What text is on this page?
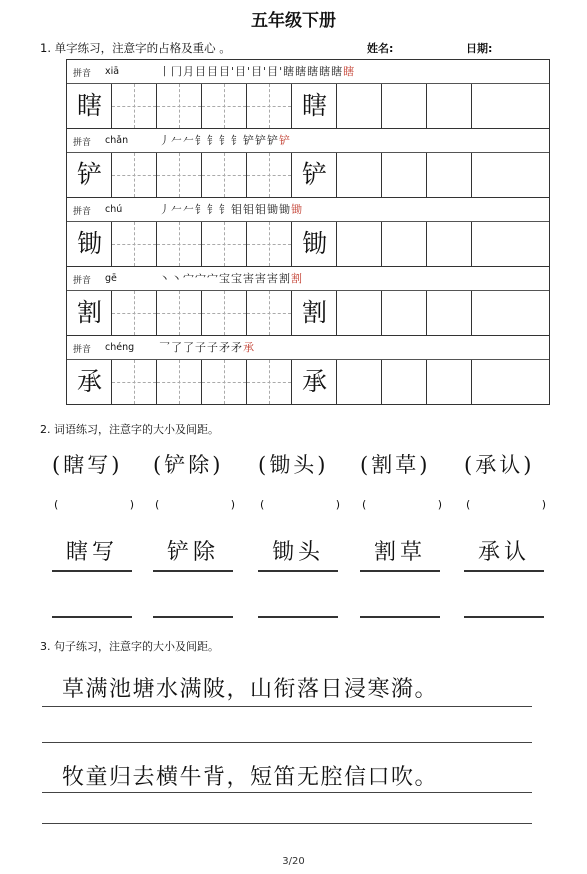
五年级下册
1. 单字练习，注意字的占格及重心 。	姓名:	日期:
拼音 xiā	丨冂月目目目'目'目'目'瞎瞎瞎瞎瞎瞎
瞎	瞎
拼音 chǎn	丿𠂉𠂉钅钅钅钅铲铲铲铲
铲	铲
拼音 chú	丿𠂉𠂉钅钅钅钼钼钼锄锄锄
锄	锄
拼音 gē	丶丶宀宀宀宝宝害害害割割
割	割
拼音 chéng 乛了了子子矛矛承
承	承
2. 词语练习，注意字的大小及间距。
(瞎写)
(	)
瞎写
(铲除)
(	)
铲除
(锄头)
(	)
锄头
(割草)
(	)
割草
(承认)
(	)
承认
3. 句子练习，注意字的大小及间距。
草满池塘水满陂，山衔落日浸寒漪。
牧童归去横牛背，短笛无腔信口吹。
3/20
